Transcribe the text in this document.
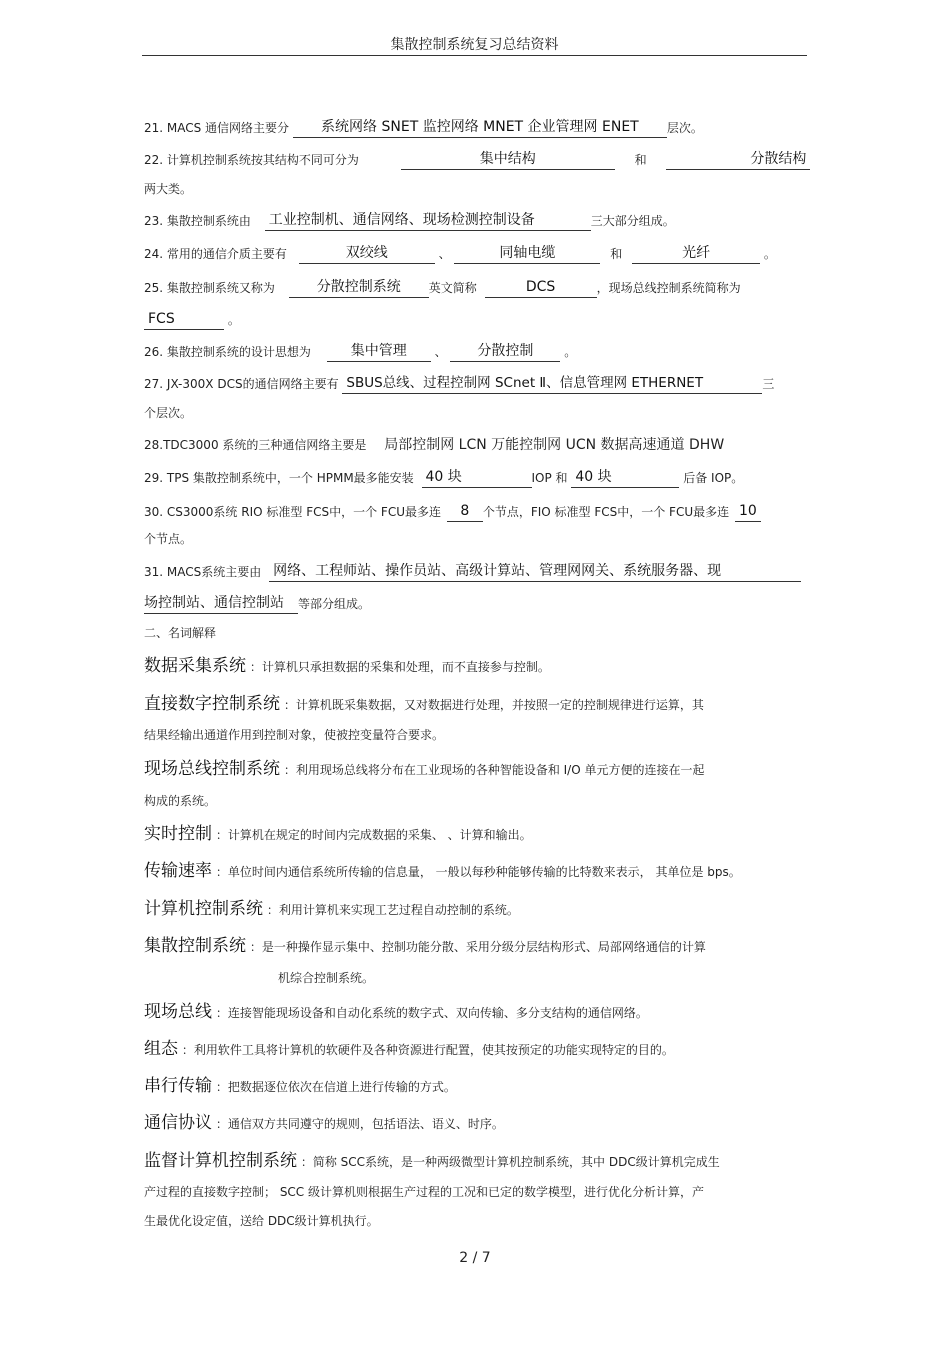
集散控制系统复习总结资料
21. MACS 通信网络主要分 系统网络 SNET 监控网络 MNET 企业管理网 ENET 层次。
22. 计算机控制系统按其结构不同可分为	集中结构	和	分散结构
两大类。
23. 集散控制系统由 工业控制机、通信网络、现场检测控制设备	三大部分组成。
24. 常用的通信介质主要有	双绞线	、	同轴电缆	和	光纤	。
25. 集散控制系统又称为	分散控制系统 英文简称	DCS	，现场总线控制系统简称为
FCS	。
26. 集散控制系统的设计思想为	集中管理 、 分散控制	。
27. JX-300X DCS的通信网络主要有 SBUS总线、过程控制网 SCnet Ⅱ、信息管理网 ETHERNET	三
个层次。
28.TDC3000 系统的三种通信网络主要是 局部控制网 LCN 万能控制网 UCN 数据高速通道 DHW
29. TPS 集散控制系统中，一个 HPMM最多能安装 40 块	IOP 和 40 块	后备 IOP。
30. CS3000系统 RIO 标准型 FCS中，一个 FCU最多连 8 个节点，FIO 标准型 FCS中，一个 FCU最多连 10
个节点。
31. MACS系统主要由 网络、工程师站、操作员站、高级计算站、管理网网关、系统服务器、现
场控制站、通信控制站 等部分组成。
二、名词解释
数据采集系统 ：计算机只承担数据的采集和处理，而不直接参与控制。
直接数字控制系统 ：计算机既采集数据，又对数据进行处理，并按照一定的控制规律进行运算，其
结果经输出通道作用到控制对象，使被控变量符合要求。
现场总线控制系统 ：利用现场总线将分布在工业现场的各种智能设备和 I/O 单元方便的连接在一起
构成的系统。
实时控制 ：计算机在规定的时间内完成数据的采集、 、计算和输出。
传输速率 ：单位时间内通信系统所传输的信息量， 一般以每秒种能够传输的比特数来表示， 其单位是 bps。
计算机控制系统 ：利用计算机来实现工艺过程自动控制的系统。
集散控制系统 ：是一种操作显示集中、控制功能分散、采用分级分层结构形式、局部网络通信的计算
机综合控制系统。
现场总线 ：连接智能现场设备和自动化系统的数字式、双向传输、多分支结构的通信网络。
组态 ：利用软件工具将计算机的软硬件及各种资源进行配置，使其按预定的功能实现特定的目的。
串行传输 ：把数据逐位依次在信道上进行传输的方式。
通信协议 ：通信双方共同遵守的规则，包括语法、语义、时序。
监督计算机控制系统 ：简称 SCC系统，是一种两级微型计算机控制系统，其中 DDC级计算机完成生
产过程的直接数字控制； SCC 级计算机则根据生产过程的工况和已定的数学模型，进行优化分析计算，产
生最优化设定值，送给 DDC级计算机执行。
2 / 7
